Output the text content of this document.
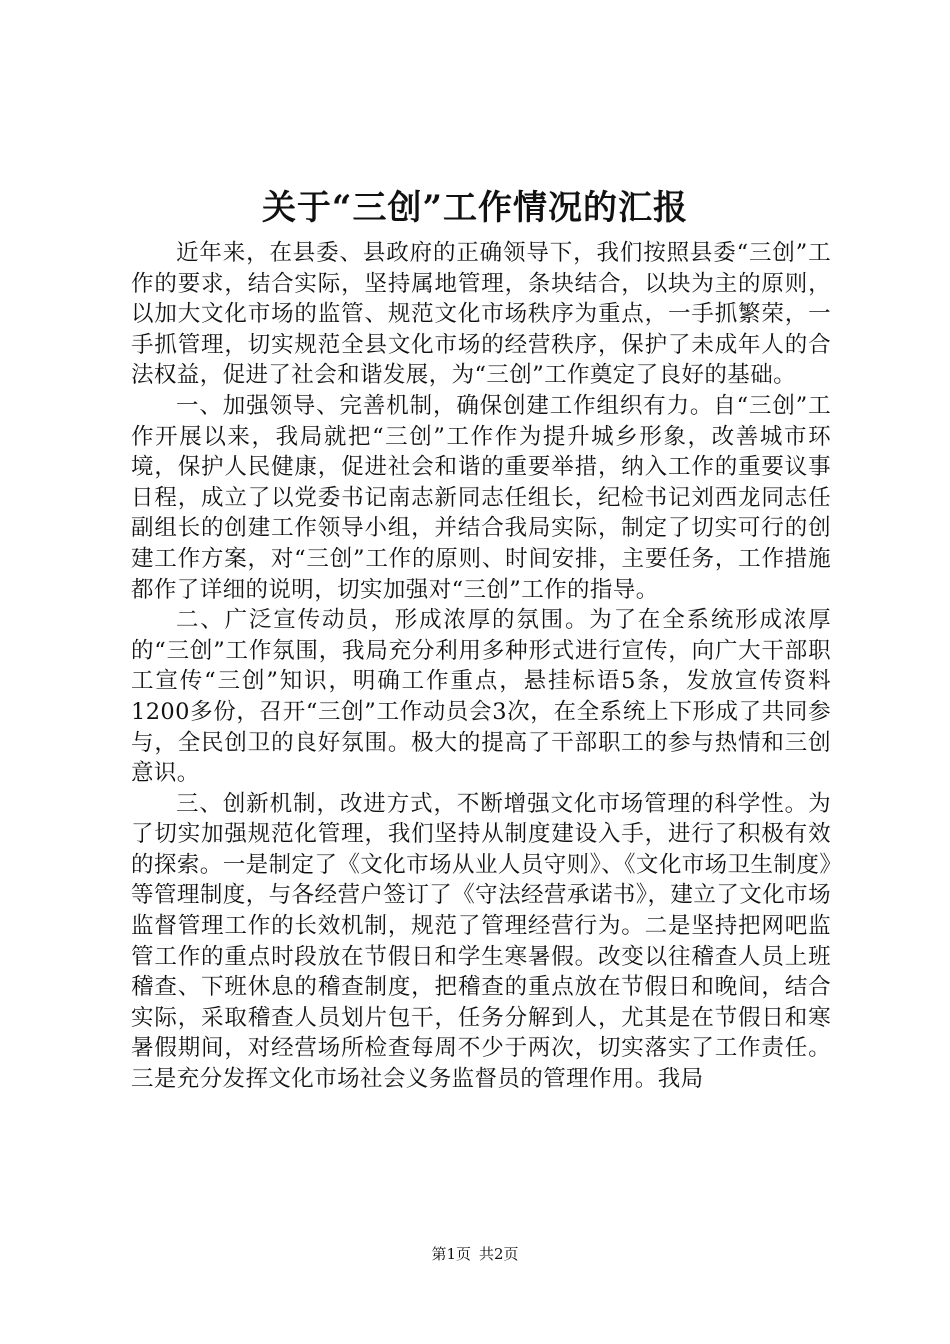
关于“三创”工作情况的汇报

近年来，在县委、县政府的正确领导下，我们按照县委“三创”工作的要求，结合实际，坚持属地管理，条块结合，以块为主的原则，以加大文化市场的监管、规范文化市场秩序为重点，一手抓繁荣，一手抓管理，切实规范全县文化市场的经营秩序，保护了未成年人的合法权益，促进了社会和谐发展，为“三创”工作奠定了良好的基础。

一、加强领导、完善机制，确保创建工作组织有力。自“三创”工作开展以来，我局就把“三创”工作作为提升城乡形象，改善城市环境，保护人民健康，促进社会和谐的重要举措，纳入工作的重要议事日程，成立了以党委书记南志新同志任组长，纪检书记刘西龙同志任副组长的创建工作领导小组，并结合我局实际，制定了切实可行的创建工作方案，对“三创”工作的原则、时间安排，主要任务，工作措施都作了详细的说明，切实加强对“三创”工作的指导。

二、广泛宣传动员，形成浓厚的氛围。为了在全系统形成浓厚的“三创”工作氛围，我局充分利用多种形式进行宣传，向广大干部职工宣传“三创”知识，明确工作重点，悬挂标语5条，发放宣传资料1200多份，召开“三创”工作动员会3次，在全系统上下形成了共同参与，全民创卫的良好氛围。极大的提高了干部职工的参与热情和三创意识。

三、创新机制，改进方式，不断增强文化市场管理的科学性。为了切实加强规范化管理，我们坚持从制度建设入手，进行了积极有效的探索。一是制定了《文化市场从业人员守则》、《文化市场卫生制度》等管理制度，与各经营户签订了《守法经营承诺书》，建立了文化市场监督管理工作的长效机制，规范了管理经营行为。二是坚持把网吧监管工作的重点时段放在节假日和学生寒暑假。改变以往稽查人员上班稽查、下班休息的稽查制度，把稽查的重点放在节假日和晚间，结合实际，采取稽查人员划片包干，任务分解到人，尤其是在节假日和寒暑假期间，对经营场所检查每周不少于两次，切实落实了工作责任。三是充分发挥文化市场社会义务监督员的管理作用。我局

第1页 共2页
